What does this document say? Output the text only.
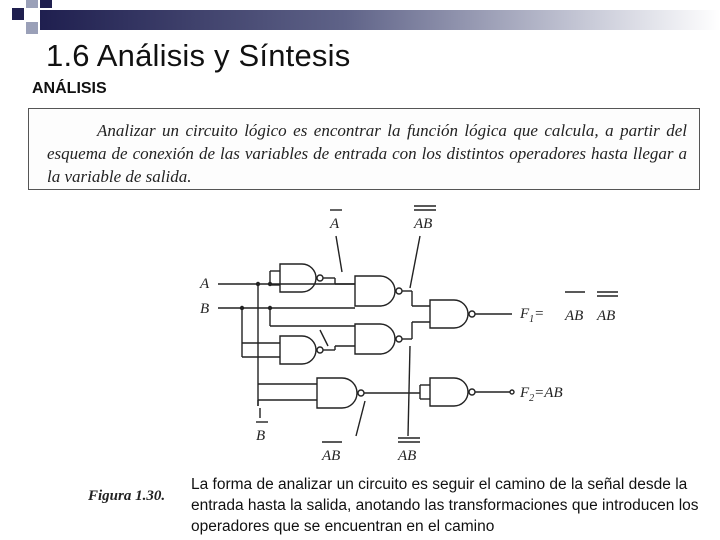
1.6 Análisis y Síntesis
ANÁLISIS
Analizar un circuito lógico es encontrar la función lógica que calcula, a partir del esquema de conexión de las variables de entrada con los distintos operadores hasta llegar a la variable de salida.
A
B
A	AB
B
AB	AB
$F_1=$ AB AB
$F_2=AB$
Figura 1.30.
La forma de analizar un circuito es seguir el camino de la señal desde la entrada hasta la salida, anotando las transformaciones que introducen los operadores que se encuentran en el camino
